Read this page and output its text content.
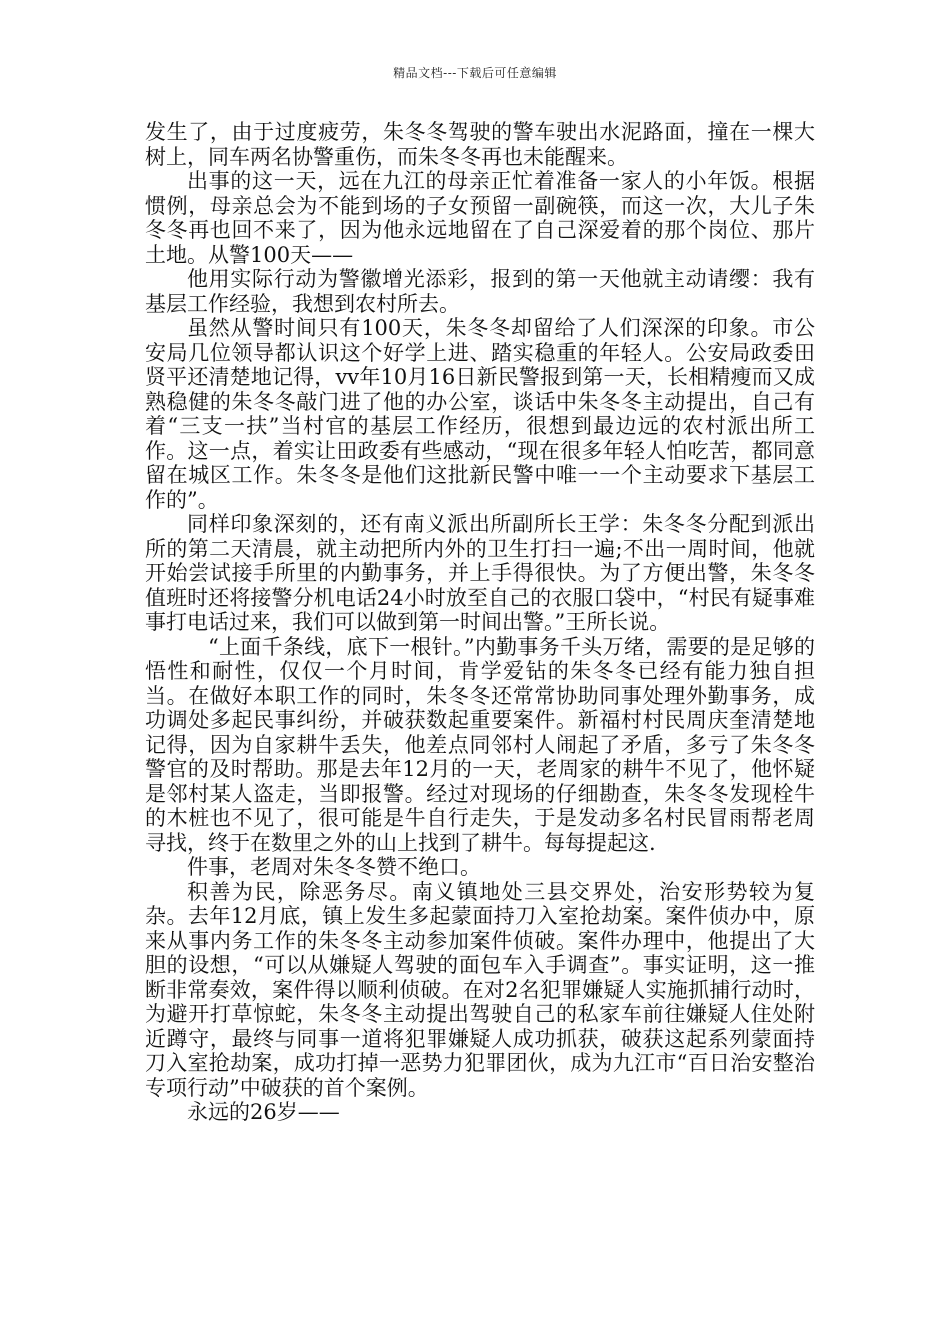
精品文档---下载后可任意编辑

发生了，由于过度疲劳，朱冬冬驾驶的警车驶出水泥路面，撞在一棵大树上，同车两名协警重伤，而朱冬冬再也未能醒来。

出事的这一天，远在九江的母亲正忙着准备一家人的小年饭。根据惯例，母亲总会为不能到场的子女预留一副碗筷，而这一次，大儿子朱冬冬再也回不来了，因为他永远地留在了自己深爱着的那个岗位、那片土地。从警100天——

他用实际行动为警徽增光添彩，报到的第一天他就主动请缨：我有基层工作经验，我想到农村所去。

虽然从警时间只有100天，朱冬冬却留给了人们深深的印象。市公安局几位领导都认识这个好学上进、踏实稳重的年轻人。公安局政委田贤平还清楚地记得，vv年10月16日新民警报到第一天，长相精瘦而又成熟稳健的朱冬冬敲门进了他的办公室，谈话中朱冬冬主动提出，自己有着“三支一扶”当村官的基层工作经历，很想到最边远的农村派出所工作。这一点，着实让田政委有些感动，“现在很多年轻人怕吃苦，都同意留在城区工作。朱冬冬是他们这批新民警中唯一一个主动要求下基层工作的”。

同样印象深刻的，还有南义派出所副所长王学：朱冬冬分配到派出所的第二天清晨，就主动把所内外的卫生打扫一遍;不出一周时间，他就开始尝试接手所里的内勤事务，并上手得很快。为了方便出警，朱冬冬值班时还将接警分机电话24小时放至自己的衣服口袋中，“村民有疑事难事打电话过来，我们可以做到第一时间出警。”王所长说。

“上面千条线，底下一根针。”内勤事务千头万绪，需要的是足够的悟性和耐性，仅仅一个月时间，肯学爱钻的朱冬冬已经有能力独自担当。在做好本职工作的同时，朱冬冬还常常协助同事处理外勤事务，成功调处多起民事纠纷，并破获数起重要案件。新福村村民周庆奎清楚地记得，因为自家耕牛丢失，他差点同邻村人闹起了矛盾，多亏了朱冬冬警官的及时帮助。那是去年12月的一天，老周家的耕牛不见了，他怀疑是邻村某人盗走，当即报警。经过对现场的仔细勘查，朱冬冬发现栓牛的木桩也不见了，很可能是牛自行走失，于是发动多名村民冒雨帮老周寻找，终于在数里之外的山上找到了耕牛。每每提起这.

件事，老周对朱冬冬赞不绝口。

积善为民，除恶务尽。南义镇地处三县交界处，治安形势较为复杂。去年12月底，镇上发生多起蒙面持刀入室抢劫案。案件侦办中，原来从事内务工作的朱冬冬主动参加案件侦破。案件办理中，他提出了大胆的设想，“可以从嫌疑人驾驶的面包车入手调查”。事实证明，这一推断非常奏效，案件得以顺利侦破。在对2名犯罪嫌疑人实施抓捕行动时，为避开打草惊蛇，朱冬冬主动提出驾驶自己的私家车前往嫌疑人住处附近蹲守，最终与同事一道将犯罪嫌疑人成功抓获，破获这起系列蒙面持刀入室抢劫案，成功打掉一恶势力犯罪团伙，成为九江市“百日治安整治专项行动”中破获的首个案例。

永远的26岁——
